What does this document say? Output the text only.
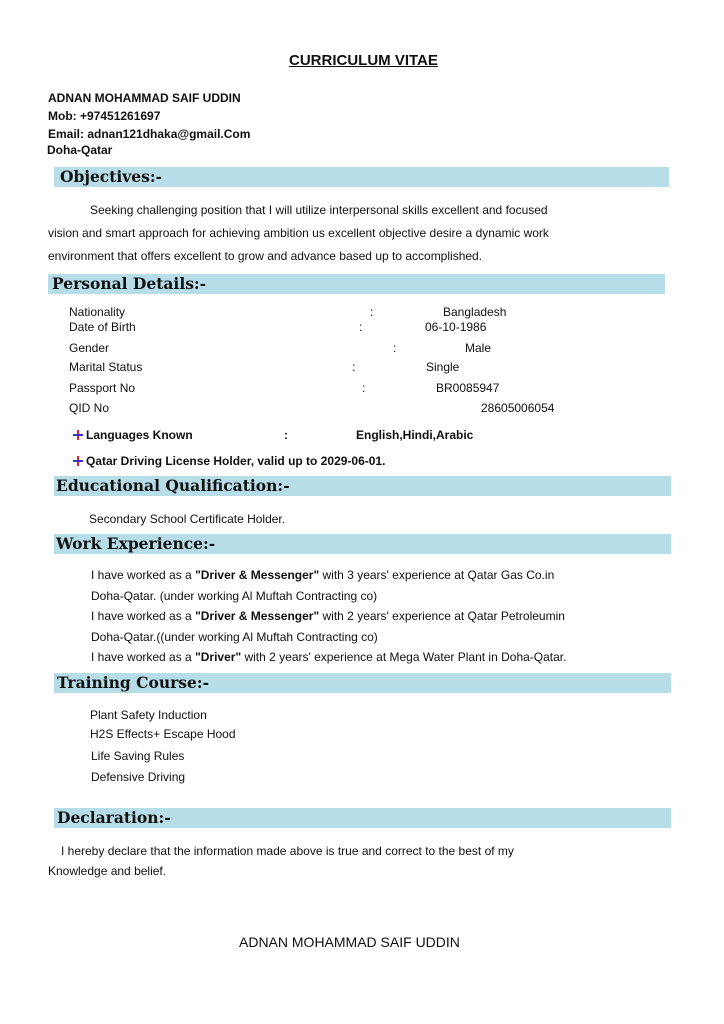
CURRICULUM VITAE
ADNAN MOHAMMAD SAIF UDDIN
Mob: +97451261697
Email: adnan121dhaka@gmail.Com
Doha-Qatar
Objectives:-
Seeking challenging position that I will utilize interpersonal skills excellent and focused
vision and smart approach for achieving ambition us excellent objective desire a dynamic work
environment that offers excellent to grow and advance based up to accomplished.
Personal Details:-
Nationality	:	Bangladesh
Date of Birth	:	06-10-1986
Gender	:	Male
Marital Status	:	Single
Passport No	:	BR0085947
QID No	28605006054
Languages Known	:	English,Hindi,Arabic
Qatar Driving License Holder, valid up to 2029-06-01.
Educational Qualification:-
Secondary School Certificate Holder.
Work Experience:-
I have worked as a "Driver & Messenger" with 3 years' experience at Qatar Gas Co.in
Doha-Qatar. (under working Al Muftah Contracting co)
I have worked as a "Driver & Messenger" with 2 years' experience at Qatar Petroleumin
Doha-Qatar.((under working Al Muftah Contracting co)
I have worked as a "Driver" with 2 years' experience at Mega Water Plant in Doha-Qatar.
Training Course:-
Plant Safety Induction
H2S Effects+ Escape Hood
Life Saving Rules
Defensive Driving
Declaration:-
I hereby declare that the information made above is true and correct to the best of my
Knowledge and belief.
ADNAN MOHAMMAD SAIF UDDIN
